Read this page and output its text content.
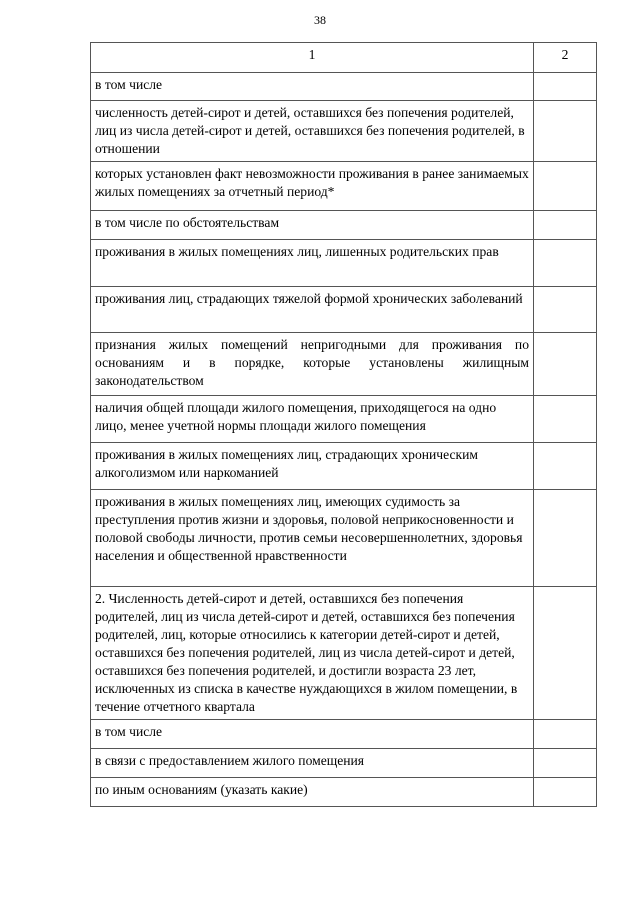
38
1	2
в том числе	
численность детей-сирот и детей, оставшихся без попечения родителей, лиц из числа детей-сирот и детей, оставшихся без попечения родителей, в отношении	
которых установлен факт невозможности проживания в ранее занимаемых жилых помещениях за отчетный период*	
в том числе по обстоятельствам	
проживания в жилых помещениях лиц, лишенных родительских прав	
проживания лиц, страдающих тяжелой формой хронических заболеваний	
признания жилых помещений непригодными для проживания по основаниям и в порядке, которые установлены жилищным законодательством	
наличия общей площади жилого помещения, приходящегося на одно лицо, менее учетной нормы площади жилого помещения	
проживания в жилых помещениях лиц, страдающих хроническим алкоголизмом или наркоманией	
проживания в жилых помещениях лиц, имеющих судимость за преступления против жизни и здоровья, половой неприкосновенности и половой свободы личности, против семьи несовершеннолетних, здоровья населения и общественной нравственности	
2. Численность детей-сирот и детей, оставшихся без попечения родителей, лиц из числа детей-сирот и детей, оставшихся без попечения родителей, лиц, которые относились к категории детей-сирот и детей, оставшихся без попечения родителей, лиц из числа детей-сирот и детей, оставшихся без попечения родителей, и достигли возраста 23 лет, исключенных из списка в качестве нуждающихся в жилом помещении, в течение отчетного квартала	
в том числе	
в связи с предоставлением жилого помещения	
по иным основаниям (указать какие)	
